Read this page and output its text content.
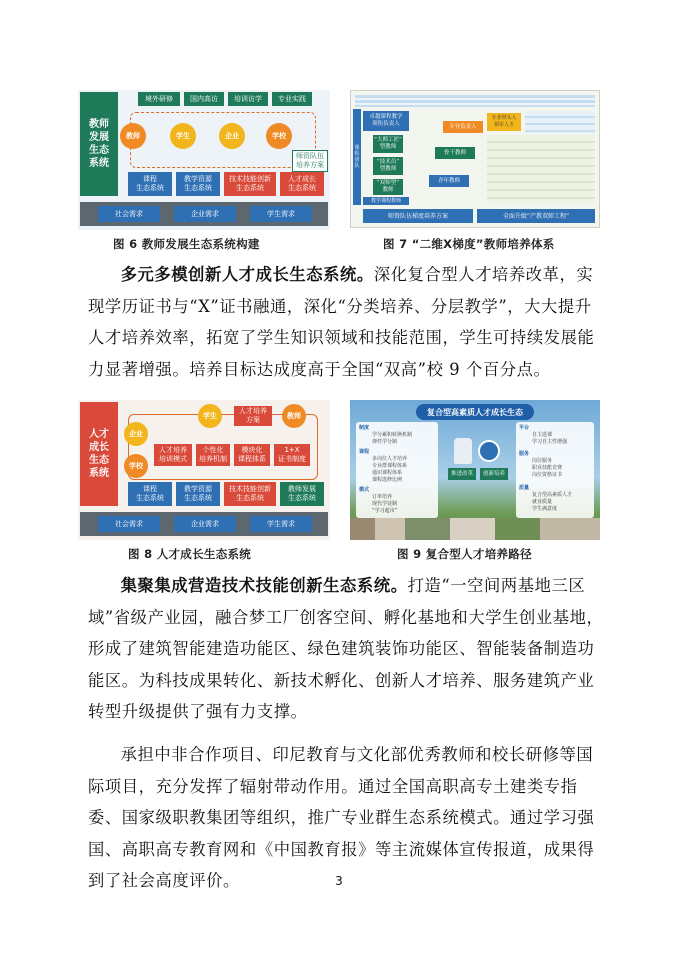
教师
发展
生态
系统
境外研修	国内高访	培训访学	专业实践
教师	学生	企业	学校
师资队伍
培养方案
课程
生态系统
教学资源
生态系统
技术技能创新
生态系统
人才成长
生态系统
社会需求	企业需求	学生需求
图 6 教师发展生态系统构建
课程团队
卓越课程教学
领衔负责人
“大师工匠”
型教师
“技术员”
型教师
“双师型”
教师
教学课程教师
专业负责人
骨干教师
青年教师
专业带头人
领军人才
师资队伍梯度培养方案	全面升级“产教双师工程”
图 7 “二维X梯度”教师培养体系

多元多模创新人才成长生态系统。深化复合型人才培养改革，实现学历证书与“X”证书融通，深化“分类培养、分层教学”，大大提升人才培养效率，拓宽了学生知识领域和技能范围，学生可持续发展能力显著增强。培养目标达成度高于全国“双高”校 9 个百分点。

人才
成长
生态
系统
学生
企业
学校
教师
人才培养
方案
人才培养
培训模式
个性化
培养机制
模块化
课程体系
1+X
证书制度
课程
生态系统
教学资源
生态系统
技术技能创新
生态系统
教师发展
生态系统
社会需求	企业需求	学生需求
图 8 人才成长生态系统
复合型高素质人才成长生态
制度
学分累积转换机制
弹性学分制
课程
多岗位人才培养
专业群课程体系
通识课程体系
课程选修比例
模式
订单培养
现代学徒制
“学习超市”
推进改革	创新培养
平台
自主选课
学习自主性增强
服务
岗位服务
职业技能竞赛
岗位资格证书
质量
复合型高素质人才
就业质量
学生满意度
图 9 复合型人才培养路径

集聚集成营造技术技能创新生态系统。打造“一空间两基地三区域”省级产业园，融合梦工厂创客空间、孵化基地和大学生创业基地，形成了建筑智能建造功能区、绿色建筑装饰功能区、智能装备制造功能区。为科技成果转化、新技术孵化、创新人才培养、服务建筑产业转型升级提供了强有力支撑。

承担中非合作项目、印尼教育与文化部优秀教师和校长研修等国际项目，充分发挥了辐射带动作用。通过全国高职高专土建类专指委、国家级职教集团等组织，推广专业群生态系统模式。通过学习强国、高职高专教育网和《中国教育报》等主流媒体宣传报道，成果得到了社会高度评价。	3
